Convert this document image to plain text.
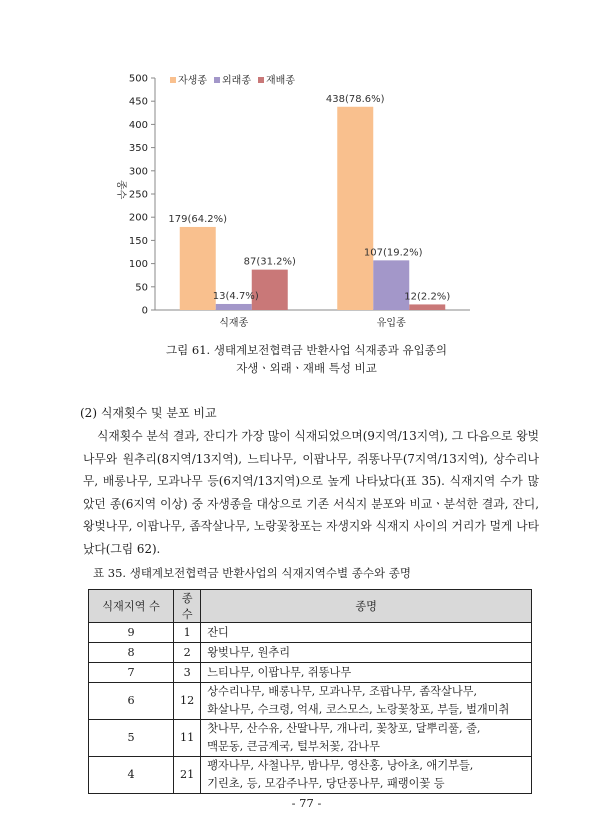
0
50
100
150
200
250
300
350
400
450
500
179(64.2%)
13(4.7%)
87(31.2%)
438(78.6%)
107(19.2%)
12(2.2%)
식재종	유입종
자생종 외래종 재배종
종수
그림 61. 생태계보전협력금 반환사업 식재종과 유입종의
자생ㆍ외래ㆍ재배 특성 비교
(2) 식재횟수 및 분포 비교

식재횟수 분석 결과, 잔디가 가장 많이 식재되었으며(9지역/13지역), 그 다음으로 왕벚나무와 원추리(8지역/13지역), 느티나무, 이팝나무, 쥐똥나무(7지역/13지역), 상수리나무, 배롱나무, 모과나무 등(6지역/13지역)으로 높게 나타났다(표 35). 식재지역 수가 많았던 종(6지역 이상) 중 자생종을 대상으로 기존 서식지 분포와 비교ㆍ분석한 결과, 잔디, 왕벚나무, 이팝나무, 좀작살나무, 노랑꽃창포는 자생지와 식재지 사이의 거리가 멀게 나타났다(그림 62).

표 35. 생태계보전협력금 반환사업의 식재지역수별 종수와 종명
식재지역 수	종수	종명
9	1	잔디

8	2	왕벚나무, 원추리

7	3	느티나무, 이팝나무, 쥐똥나무

6	12	상수리나무, 배롱나무, 모과나무, 조팝나무, 좀작살나무,
화살나무, 수크령, 억새, 코스모스, 노랑꽃창포, 부들, 벌개미취

5	11	찻나무, 산수유, 산딸나무, 개나리, 꽃창포, 달뿌리풀, 줄,
맥문동, 큰금계국, 털부처꽃, 감나무

4	21	팽자나무, 사철나무, 밤나무, 영산홍, 낭아초, 애기부들,
기린초, 등, 모감주나무, 당단풍나무, 패랭이꽃 등
- 77 -
